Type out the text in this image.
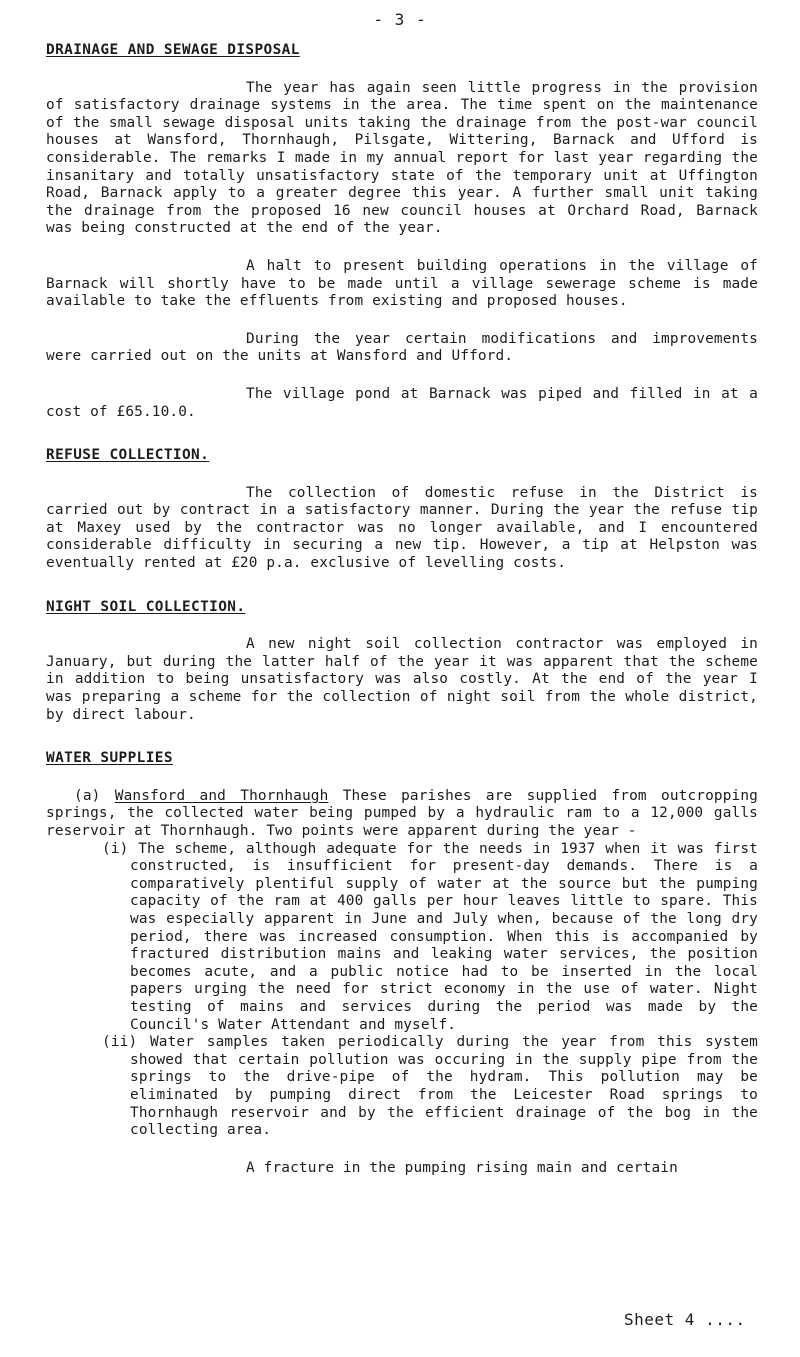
- 3 -
DRAINAGE AND SEWAGE DISPOSAL

The year has again seen little progress in the provision of satisfactory drainage systems in the area. The time spent on the maintenance of the small sewage disposal units taking the drainage from the post-war council houses at Wansford, Thornhaugh, Pilsgate, Wittering, Barnack and Ufford is considerable. The remarks I made in my annual report for last year regarding the insanitary and totally unsatisfactory state of the temporary unit at Uffington Road, Barnack apply to a greater degree this year. A further small unit taking the drainage from the proposed 16 new council houses at Orchard Road, Barnack was being constructed at the end of the year.

A halt to present building operations in the village of Barnack will shortly have to be made until a village sewerage scheme is made available to take the effluents from existing and proposed houses.

During the year certain modifications and improvements were carried out on the units at Wansford and Ufford.

The village pond at Barnack was piped and filled in at a cost of £65.10.0.

REFUSE COLLECTION.

The collection of domestic refuse in the District is carried out by contract in a satisfactory manner. During the year the refuse tip at Maxey used by the contractor was no longer available, and I encountered considerable difficulty in securing a new tip. However, a tip at Helpston was eventually rented at £20 p.a. exclusive of levelling costs.

NIGHT SOIL COLLECTION.

A new night soil collection contractor was employed in January, but during the latter half of the year it was apparent that the scheme in addition to being unsatisfactory was also costly. At the end of the year I was preparing a scheme for the collection of night soil from the whole district, by direct labour.

WATER SUPPLIES

(a) Wansford and Thornhaugh These parishes are supplied from outcropping springs, the collected water being pumped by a hydraulic ram to a 12,000 galls reservoir at Thornhaugh. Two points were apparent during the year -

(i) The scheme, although adequate for the needs in 1937 when it was first constructed, is insufficient for present-day demands. There is a comparatively plentiful supply of water at the source but the pumping capacity of the ram at 400 galls per hour leaves little to spare. This was especially apparent in June and July when, because of the long dry period, there was increased consumption. When this is accompanied by fractured distribution mains and leaking water services, the position becomes acute, and a public notice had to be inserted in the local papers urging the need for strict economy in the use of water. Night testing of mains and services during the period was made by the Council's Water Attendant and myself.

(ii) Water samples taken periodically during the year from this system showed that certain pollution was occuring in the supply pipe from the springs to the drive-pipe of the hydram. This pollution may be eliminated by pumping direct from the Leicester Road springs to Thornhaugh reservoir and by the efficient drainage of the bog in the collecting area.

A fracture in the pumping rising main and certain

Sheet 4 ....
